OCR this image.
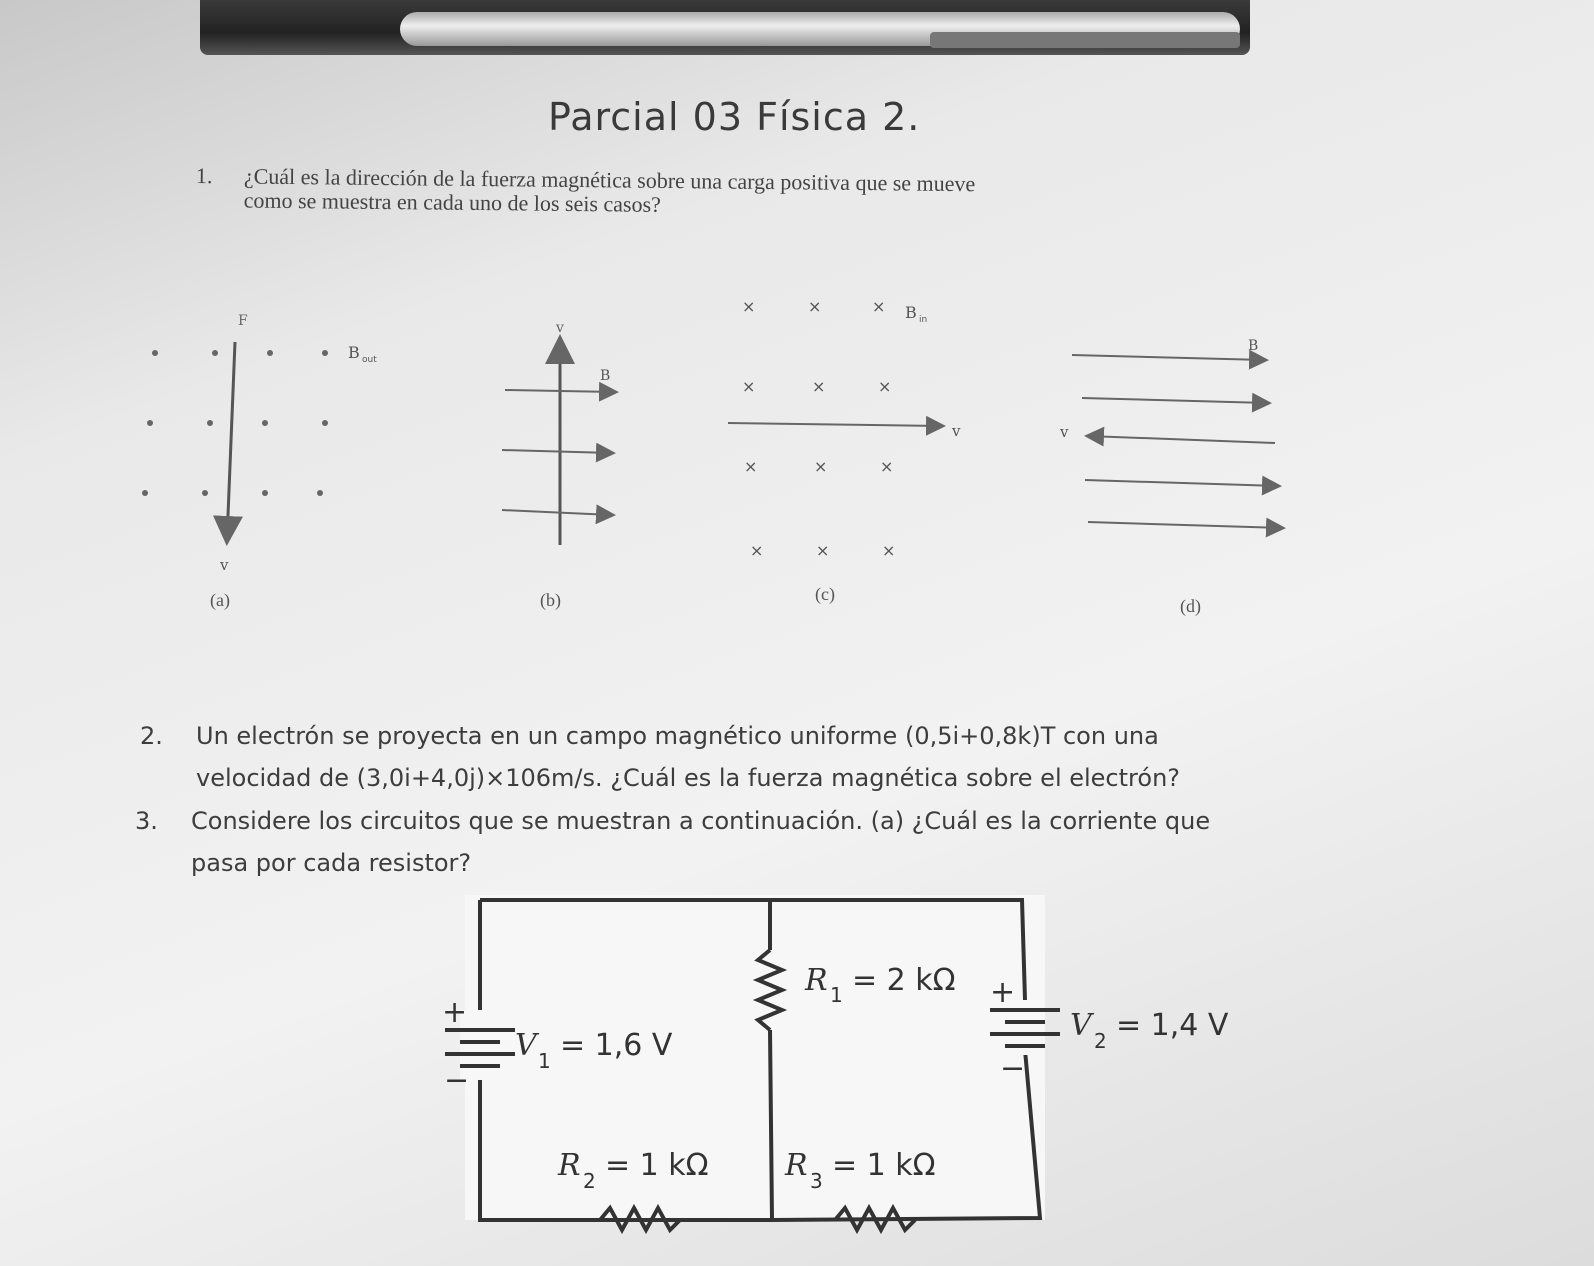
Parcial 03 Física 2.
1. ¿Cuál es la dirección de la fuerza magnética sobre una carga positiva que se mueve
como se muestra en cada uno de los seis casos?
F
B out
v
(a)
v
B
(b)
×	×	×
×	×	×
×	×	×
×	×	×
B in
v
(c)
B
v
(d)
2. Un electrón se proyecta en un campo magnético uniforme (0,5i+0,8k)T con una
velocidad de (3,0i+4,0j)×106m/s. ¿Cuál es la fuerza magnética sobre el electrón?
3. Considere los circuitos que se muestran a continuación. (a) ¿Cuál es la corriente que
pasa por cada resistor?
+
−
+
−
V 1 = 1,6 V
V 2 = 1,4 V
R 1 = 2 kΩ
R 2 = 1 kΩ	R 3 = 1 kΩ
